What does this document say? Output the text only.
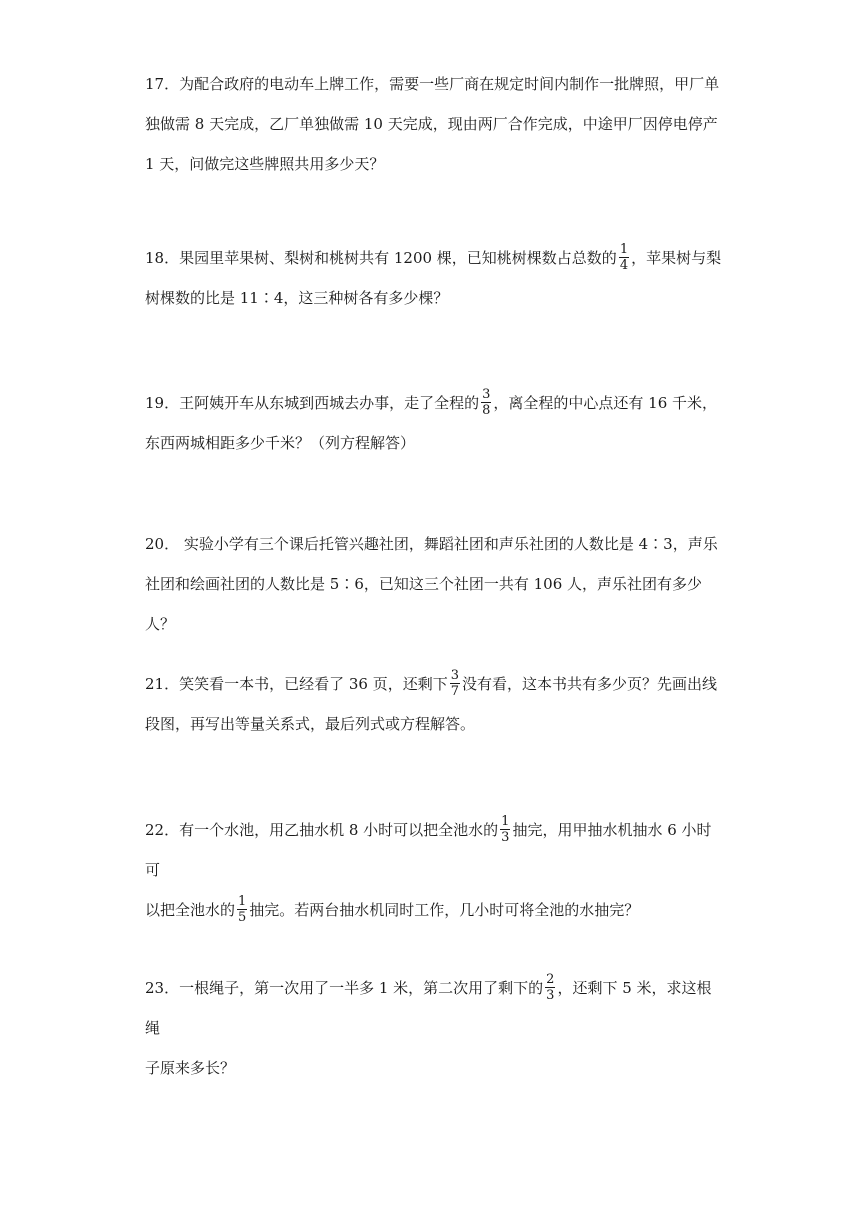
17．为配合政府的电动车上牌工作，需要一些厂商在规定时间内制作一批牌照，甲厂单
独做需 8 天完成，乙厂单独做需 10 天完成，现由两厂合作完成，中途甲厂因停电停产
1 天，问做完这些牌照共用多少天？
18．果园里苹果树、梨树和桃树共有 1200 棵，已知桃树棵数占总数的 $\frac{1}{4}$ ，苹果树与梨
树棵数的比是 11∶4，这三种树各有多少棵？
19．王阿姨开车从东城到西城去办事，走了全程的 $\frac{3}{8}$ ，离全程的中心点还有 16 千米，
东西两城相距多少千米？（列方程解答）
20． 实验小学有三个课后托管兴趣社团，舞蹈社团和声乐社团的人数比是 4∶3，声乐
社团和绘画社团的人数比是 5∶6，已知这三个社团一共有 106 人，声乐社团有多少人？
21．笑笑看一本书，已经看了 36 页，还剩下 $\frac{3}{7}$ 没有看，这本书共有多少页？先画出线
段图，再写出等量关系式，最后列式或方程解答。
22．有一个水池，用乙抽水机 8 小时可以把全池水的 $\frac{1}{3}$ 抽完，用甲抽水机抽水 6 小时可
以把全池水的 $\frac{1}{5}$ 抽完。若两台抽水机同时工作，几小时可将全池的水抽完？
23．一根绳子，第一次用了一半多 1 米，第二次用了剩下的 $\frac{2}{3}$ ，还剩下 5 米，求这根绳
子原来多长？
